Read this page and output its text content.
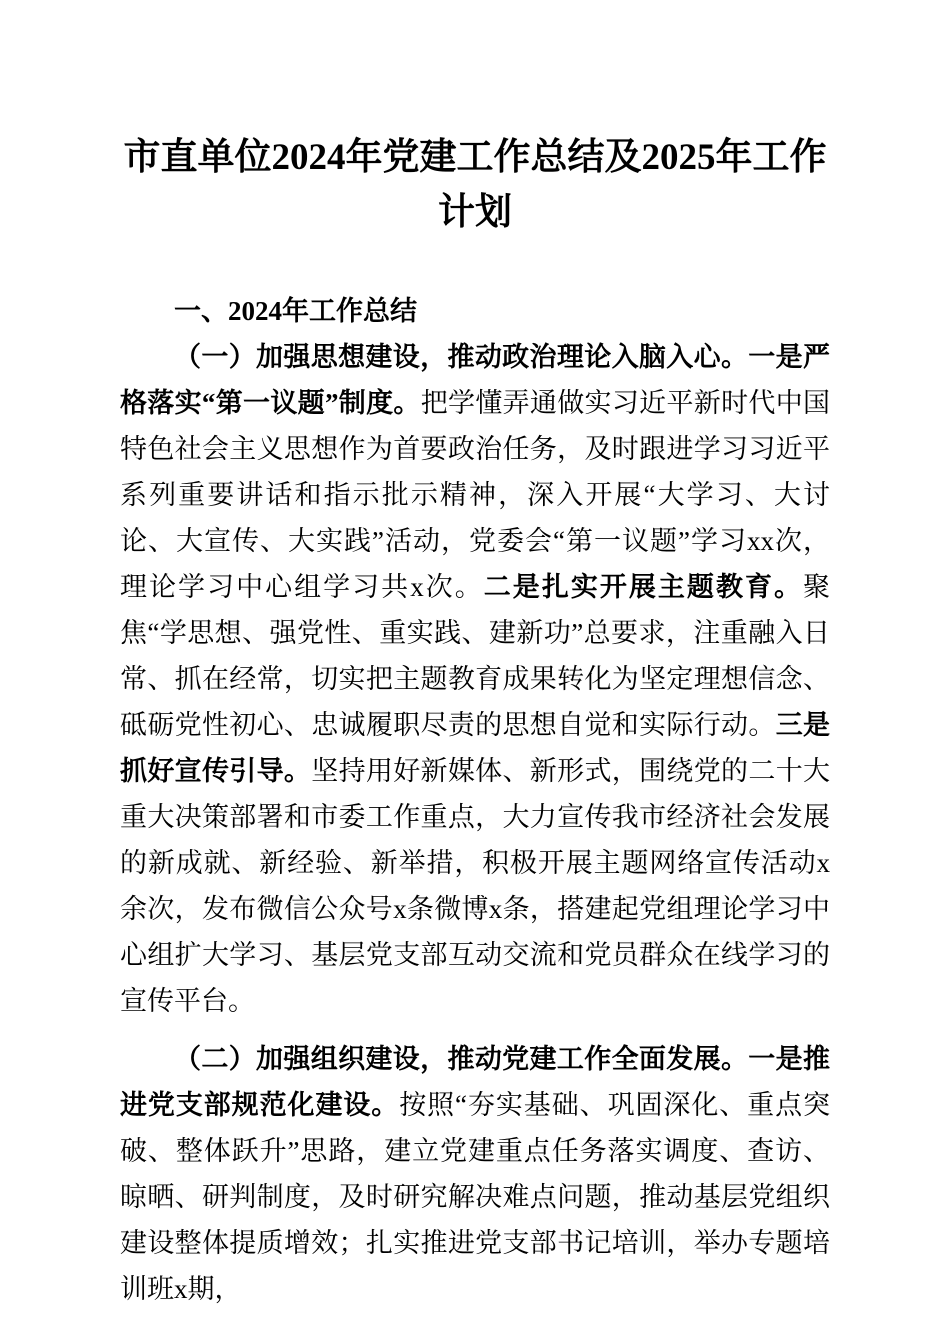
市直单位2024年党建工作总结及2025年工作计划
一、2024年工作总结

（一）加强思想建设，推动政治理论入脑入心。一是严格落实“第一议题”制度。把学懂弄通做实习近平新时代中国特色社会主义思想作为首要政治任务，及时跟进学习习近平系列重要讲话和指示批示精神，深入开展“大学习、大讨论、大宣传、大实践”活动，党委会“第一议题”学习xx次，理论学习中心组学习共x次。二是扎实开展主题教育。聚焦“学思想、强党性、重实践、建新功”总要求，注重融入日常、抓在经常，切实把主题教育成果转化为坚定理想信念、砥砺党性初心、忠诚履职尽责的思想自觉和实际行动。三是抓好宣传引导。坚持用好新媒体、新形式，围绕党的二十大重大决策部署和市委工作重点，大力宣传我市经济社会发展的新成就、新经验、新举措，积极开展主题网络宣传活动x余次，发布微信公众号x条微博x条，搭建起党组理论学习中心组扩大学习、基层党支部互动交流和党员群众在线学习的宣传平台。

（二）加强组织建设，推动党建工作全面发展。一是推进党支部规范化建设。按照“夯实基础、巩固深化、重点突破、整体跃升”思路，建立党建重点任务落实调度、查访、晾晒、研判制度，及时研究解决难点问题，推动基层党组织建设整体提质增效；扎实推进党支部书记培训，举办专题培训班x期，
